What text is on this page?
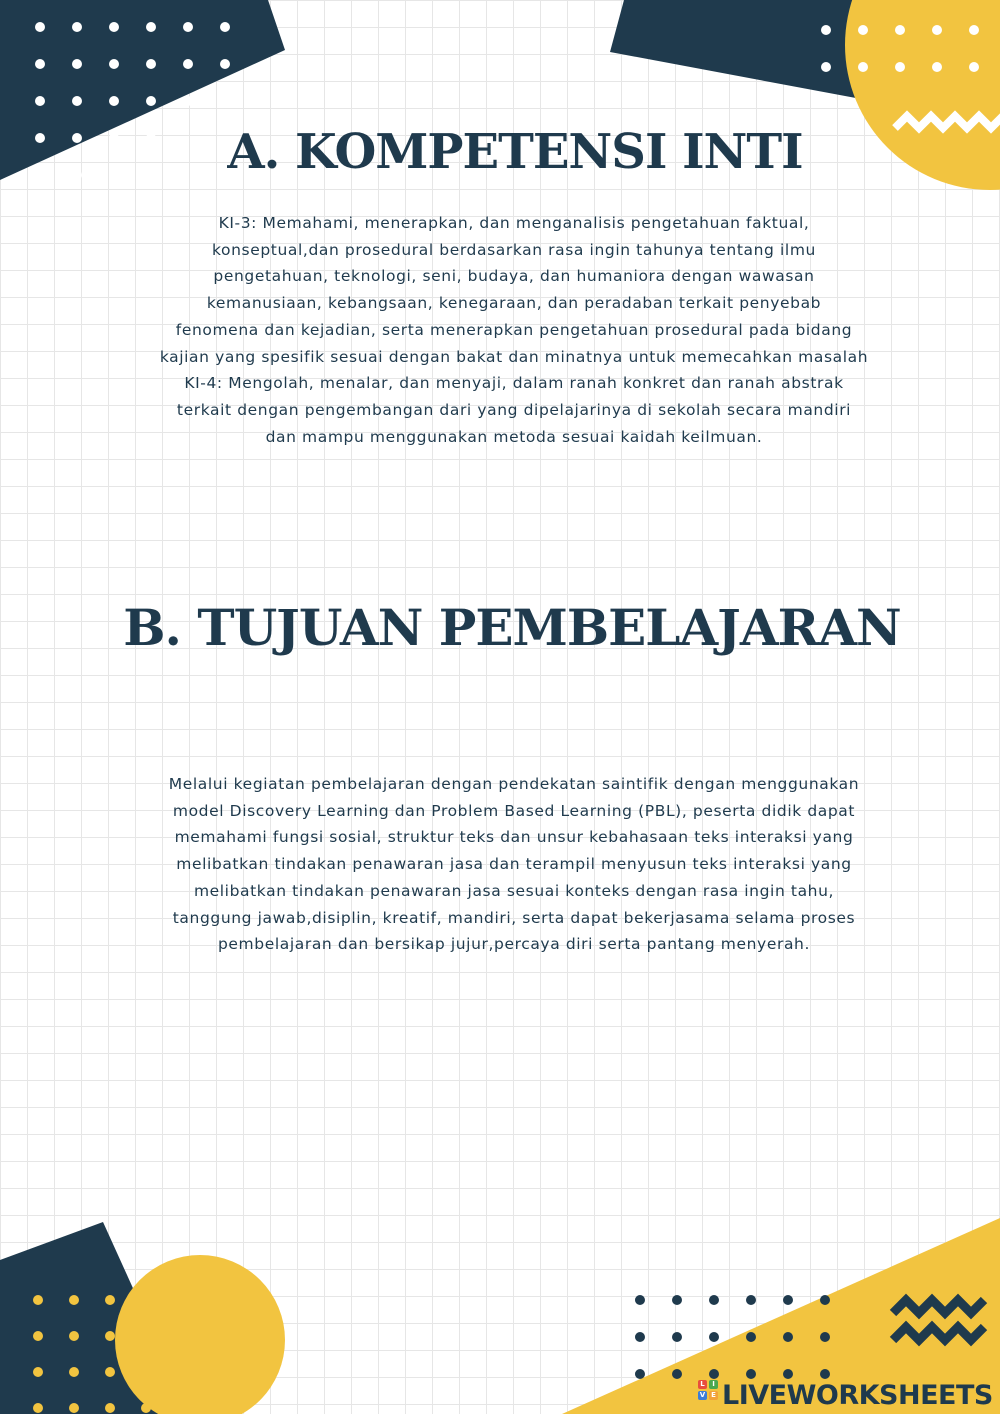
A. KOMPETENSI INTI
KI-3: Memahami, menerapkan, dan menganalisis pengetahuan faktual,
konseptual,dan prosedural berdasarkan rasa ingin tahunya tentang ilmu
pengetahuan, teknologi, seni, budaya, dan humaniora dengan wawasan
kemanusiaan, kebangsaan, kenegaraan, dan peradaban terkait penyebab
fenomena dan kejadian, serta menerapkan pengetahuan prosedural pada bidang
kajian yang spesifik sesuai dengan bakat dan minatnya untuk memecahkan masalah
KI-4: Mengolah, menalar, dan menyaji, dalam ranah konkret dan ranah abstrak
terkait dengan pengembangan dari yang dipelajarinya di sekolah secara mandiri
dan mampu menggunakan metoda sesuai kaidah keilmuan.
B. TUJUAN PEMBELAJARAN
Melalui kegiatan pembelajaran dengan pendekatan saintifik dengan menggunakan
model Discovery Learning dan Problem Based Learning (PBL), peserta didik dapat
memahami fungsi sosial, struktur teks dan unsur kebahasaan teks interaksi yang
melibatkan tindakan penawaran jasa dan terampil menyusun teks interaksi yang
melibatkan tindakan penawaran jasa sesuai konteks dengan rasa ingin tahu,
tanggung jawab,disiplin, kreatif, mandiri, serta dapat bekerjasama selama proses
pembelajaran dan bersikap jujur,percaya diri serta pantang menyerah.
L	I
V E LIVEWORKSHEETS
